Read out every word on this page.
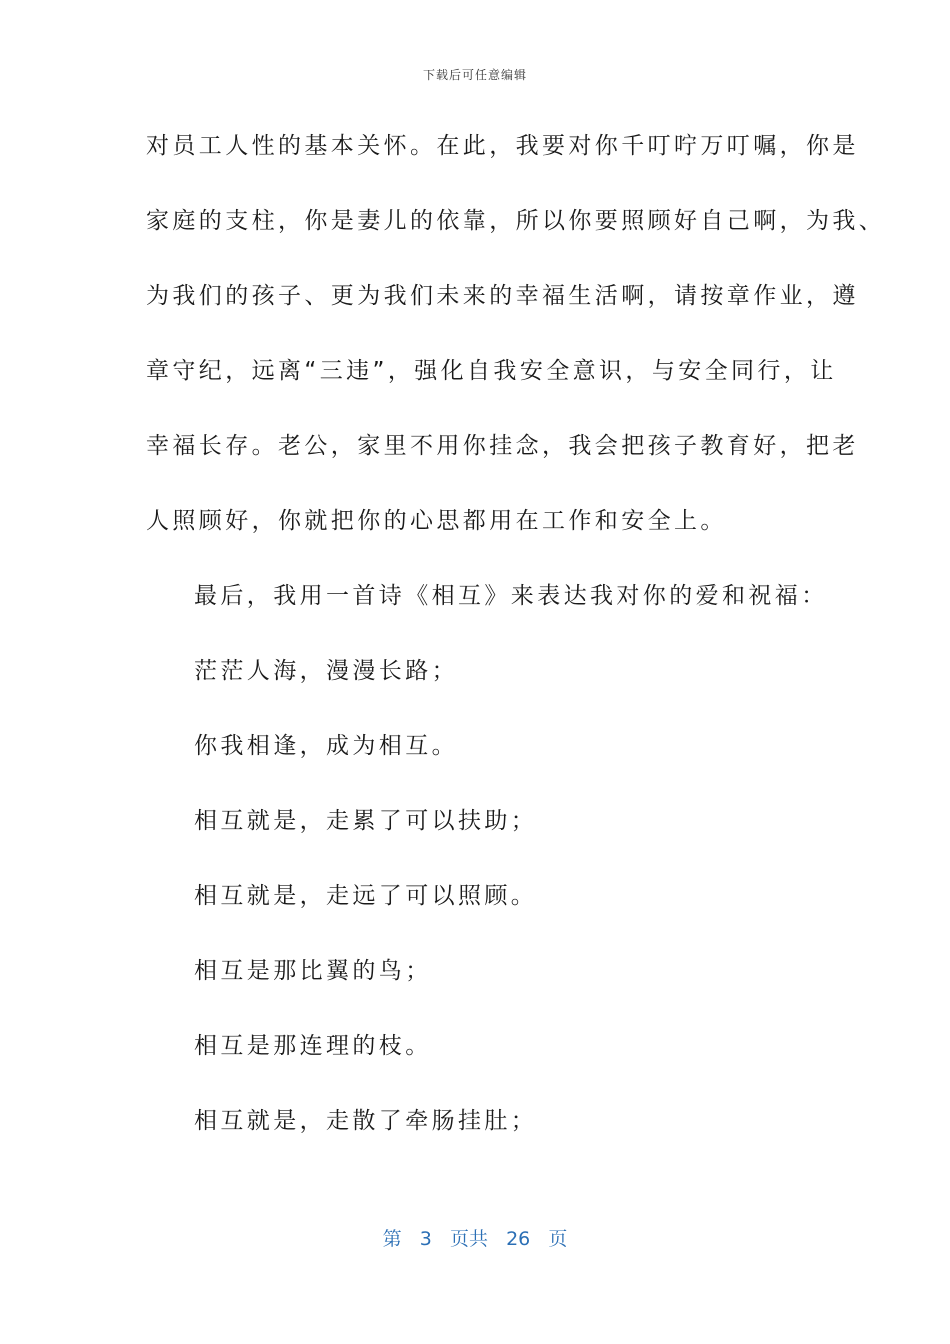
下载后可任意编辑
对员工人性的基本关怀。在此，我要对你千叮咛万叮嘱，你是
家庭的支柱，你是妻儿的依靠，所以你要照顾好自己啊，为我、
为我们的孩子、更为我们未来的幸福生活啊，请按章作业，遵
章守纪，远离“三违”，强化自我安全意识，与安全同行，让
幸福长存。老公，家里不用你挂念，我会把孩子教育好，把老
人照顾好，你就把你的心思都用在工作和安全上。
最后，我用一首诗《相互》来表达我对你的爱和祝福：
茫茫人海，漫漫长路；
你我相逢，成为相互。
相互就是，走累了可以扶助；
相互就是，走远了可以照顾。
相互是那比翼的鸟；
相互是那连理的枝。
相互就是，走散了牵肠挂肚；
第 3 页共 26 页
